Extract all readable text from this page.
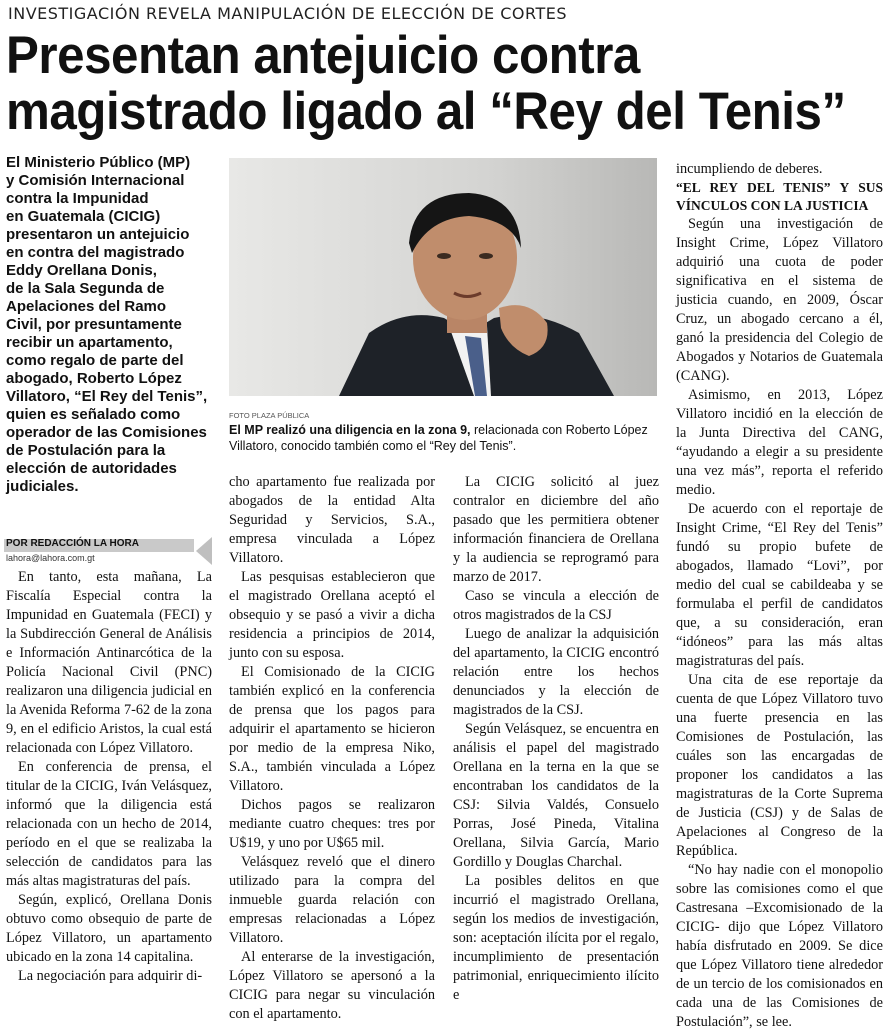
INVESTIGACIÓN REVELA MANIPULACIÓN DE ELECCIÓN DE CORTES
Presentan antejuicio contra
magistrado ligado al “Rey del Tenis”

El Ministerio Público (MP)
y Comisión Internacional
contra la Impunidad
en Guatemala (CICIG)
presentaron un antejuicio
en contra del magistrado
Eddy Orellana Donis,
de la Sala Segunda de
Apelaciones del Ramo
Civil, por presuntamente
recibir un apartamento,
como regalo de parte del
abogado, Roberto López
Villatoro, “El Rey del Tenis”,
quien es señalado como
operador de las Comisiones
de Postulación para la
elección de autoridades
judiciales.

POR REDACCIÓN LA HORA
lahora@lahora.com.gt

En tanto, esta mañana, La Fiscalía Especial contra la Impunidad en Guatemala (FECI) y la Subdirección General de Análisis e Información Antinarcótica de la Policía Nacional Civil (PNC) realizaron una diligencia judicial en la Avenida Reforma 7-62 de la zona 9, en el edificio Aristos, la cual está relacionada con López Villatoro.

En conferencia de prensa, el titular de la CICIG, Iván Velásquez, informó que la diligencia está relacionada con un hecho de 2014, período en el que se realizaba la selección de candidatos para las más altas magistraturas del país.

Según, explicó, Orellana Donis obtuvo como obsequio de parte de López Villatoro, un apartamento ubicado en la zona 14 capitalina.

La negociación para adquirir di-

FOTO PLAZA PÚBLICA

El MP realizó una diligencia en la zona 9, relacionada con Roberto López Villatoro, conocido también como el “Rey del Tenis”.

cho apartamento fue realizada por abogados de la entidad Alta Seguridad y Servicios, S.A., empresa vinculada a López Villatoro.

Las pesquisas establecieron que el magistrado Orellana aceptó el obsequio y se pasó a vivir a dicha residencia a principios de 2014, junto con su esposa.

El Comisionado de la CICIG también explicó en la conferencia de prensa que los pagos para adquirir el apartamento se hicieron por medio de la empresa Niko, S.A., también vinculada a López Villatoro.

Dichos pagos se realizaron mediante cuatro cheques: tres por U$19, y uno por U$65 mil.

Velásquez reveló que el dinero utilizado para la compra del inmueble guarda relación con empresas relacionadas a López Villatoro.

Al enterarse de la investigación, López Villatoro se apersonó a la CICIG para negar su vinculación con el apartamento.

La CICIG solicitó al juez contralor en diciembre del año pasado que les permitiera obtener información financiera de Orellana y la audiencia se reprogramó para marzo de 2017.

Caso se vincula a elección de otros magistrados de la CSJ

Luego de analizar la adquisición del apartamento, la CICIG encontró relación entre los hechos denunciados y la elección de magistrados de la CSJ.

Según Velásquez, se encuentra en análisis el papel del magistrado Orellana en la terna en la que se encontraban los candidatos de la CSJ: Silvia Valdés, Consuelo Porras, José Pineda, Vitalina Orellana, Silvia García, Mario Gordillo y Douglas Charchal.

La posibles delitos en que incurrió el magistrado Orellana, según los medios de investigación, son: aceptación ilícita por el regalo, incumplimiento de presentación patrimonial, enriquecimiento ilícito e

incumpliendo de deberes.

“EL REY DEL TENIS” Y SUS VÍNCULOS CON LA JUSTICIA

Según una investigación de Insight Crime, López Villatoro adquirió una cuota de poder significativa en el sistema de justicia cuando, en 2009, Óscar Cruz, un abogado cercano a él, ganó la presidencia del Colegio de Abogados y Notarios de Guatemala (CANG).

Asimismo, en 2013, López Villatoro incidió en la elección de la Junta Directiva del CANG, “ayudando a elegir a su presidente una vez más”, reporta el referido medio.

De acuerdo con el reportaje de Insight Crime, “El Rey del Tenis” fundó su propio bufete de abogados, llamado “Lovi”, por medio del cual se cabildeaba y se formulaba el perfil de candidatos que, a su consideración, eran “idóneos” para las más altas magistraturas del país.

Una cita de ese reportaje da cuenta de que López Villatoro tuvo una fuerte presencia en las Comisiones de Postulación, las cuáles son las encargadas de proponer los candidatos a las magistraturas de la Corte Suprema de Justicia (CSJ) y de Salas de Apelaciones al Congreso de la República.

“No hay nadie con el monopolio sobre las comisiones como el que Castresana –Excomisionado de la CICIG- dijo que López Villatoro había disfrutado en 2009. Se dice que López Villatoro tiene alrededor de un tercio de los comisionados en cada una de las Comisiones de Postulación”, se lee.
